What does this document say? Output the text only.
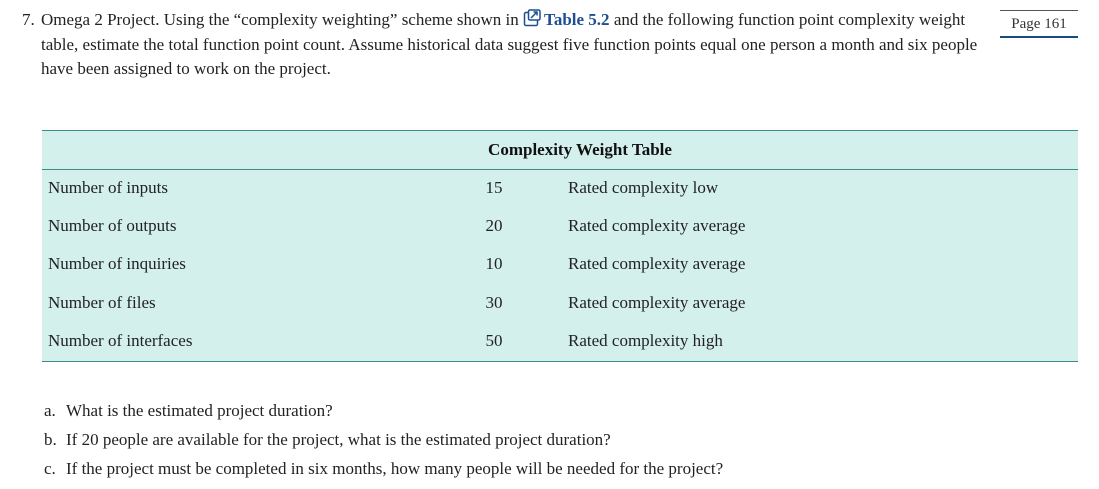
7. Omega 2 Project. Using the “complexity weighting” scheme shown in Table 5.2 and the following function point complexity weight table, estimate the total function point count. Assume historical data suggest five function points equal one person a month and six people have been assigned to work on the project.
Page 161
Complexity Weight Table
Number of inputs	15	Rated complexity low
Number of outputs	20	Rated complexity average
Number of inquiries	10	Rated complexity average
Number of files	30	Rated complexity average
Number of interfaces	50	Rated complexity high
a. What is the estimated project duration?
b. If 20 people are available for the project, what is the estimated project duration?
c. If the project must be completed in six months, how many people will be needed for the project?
